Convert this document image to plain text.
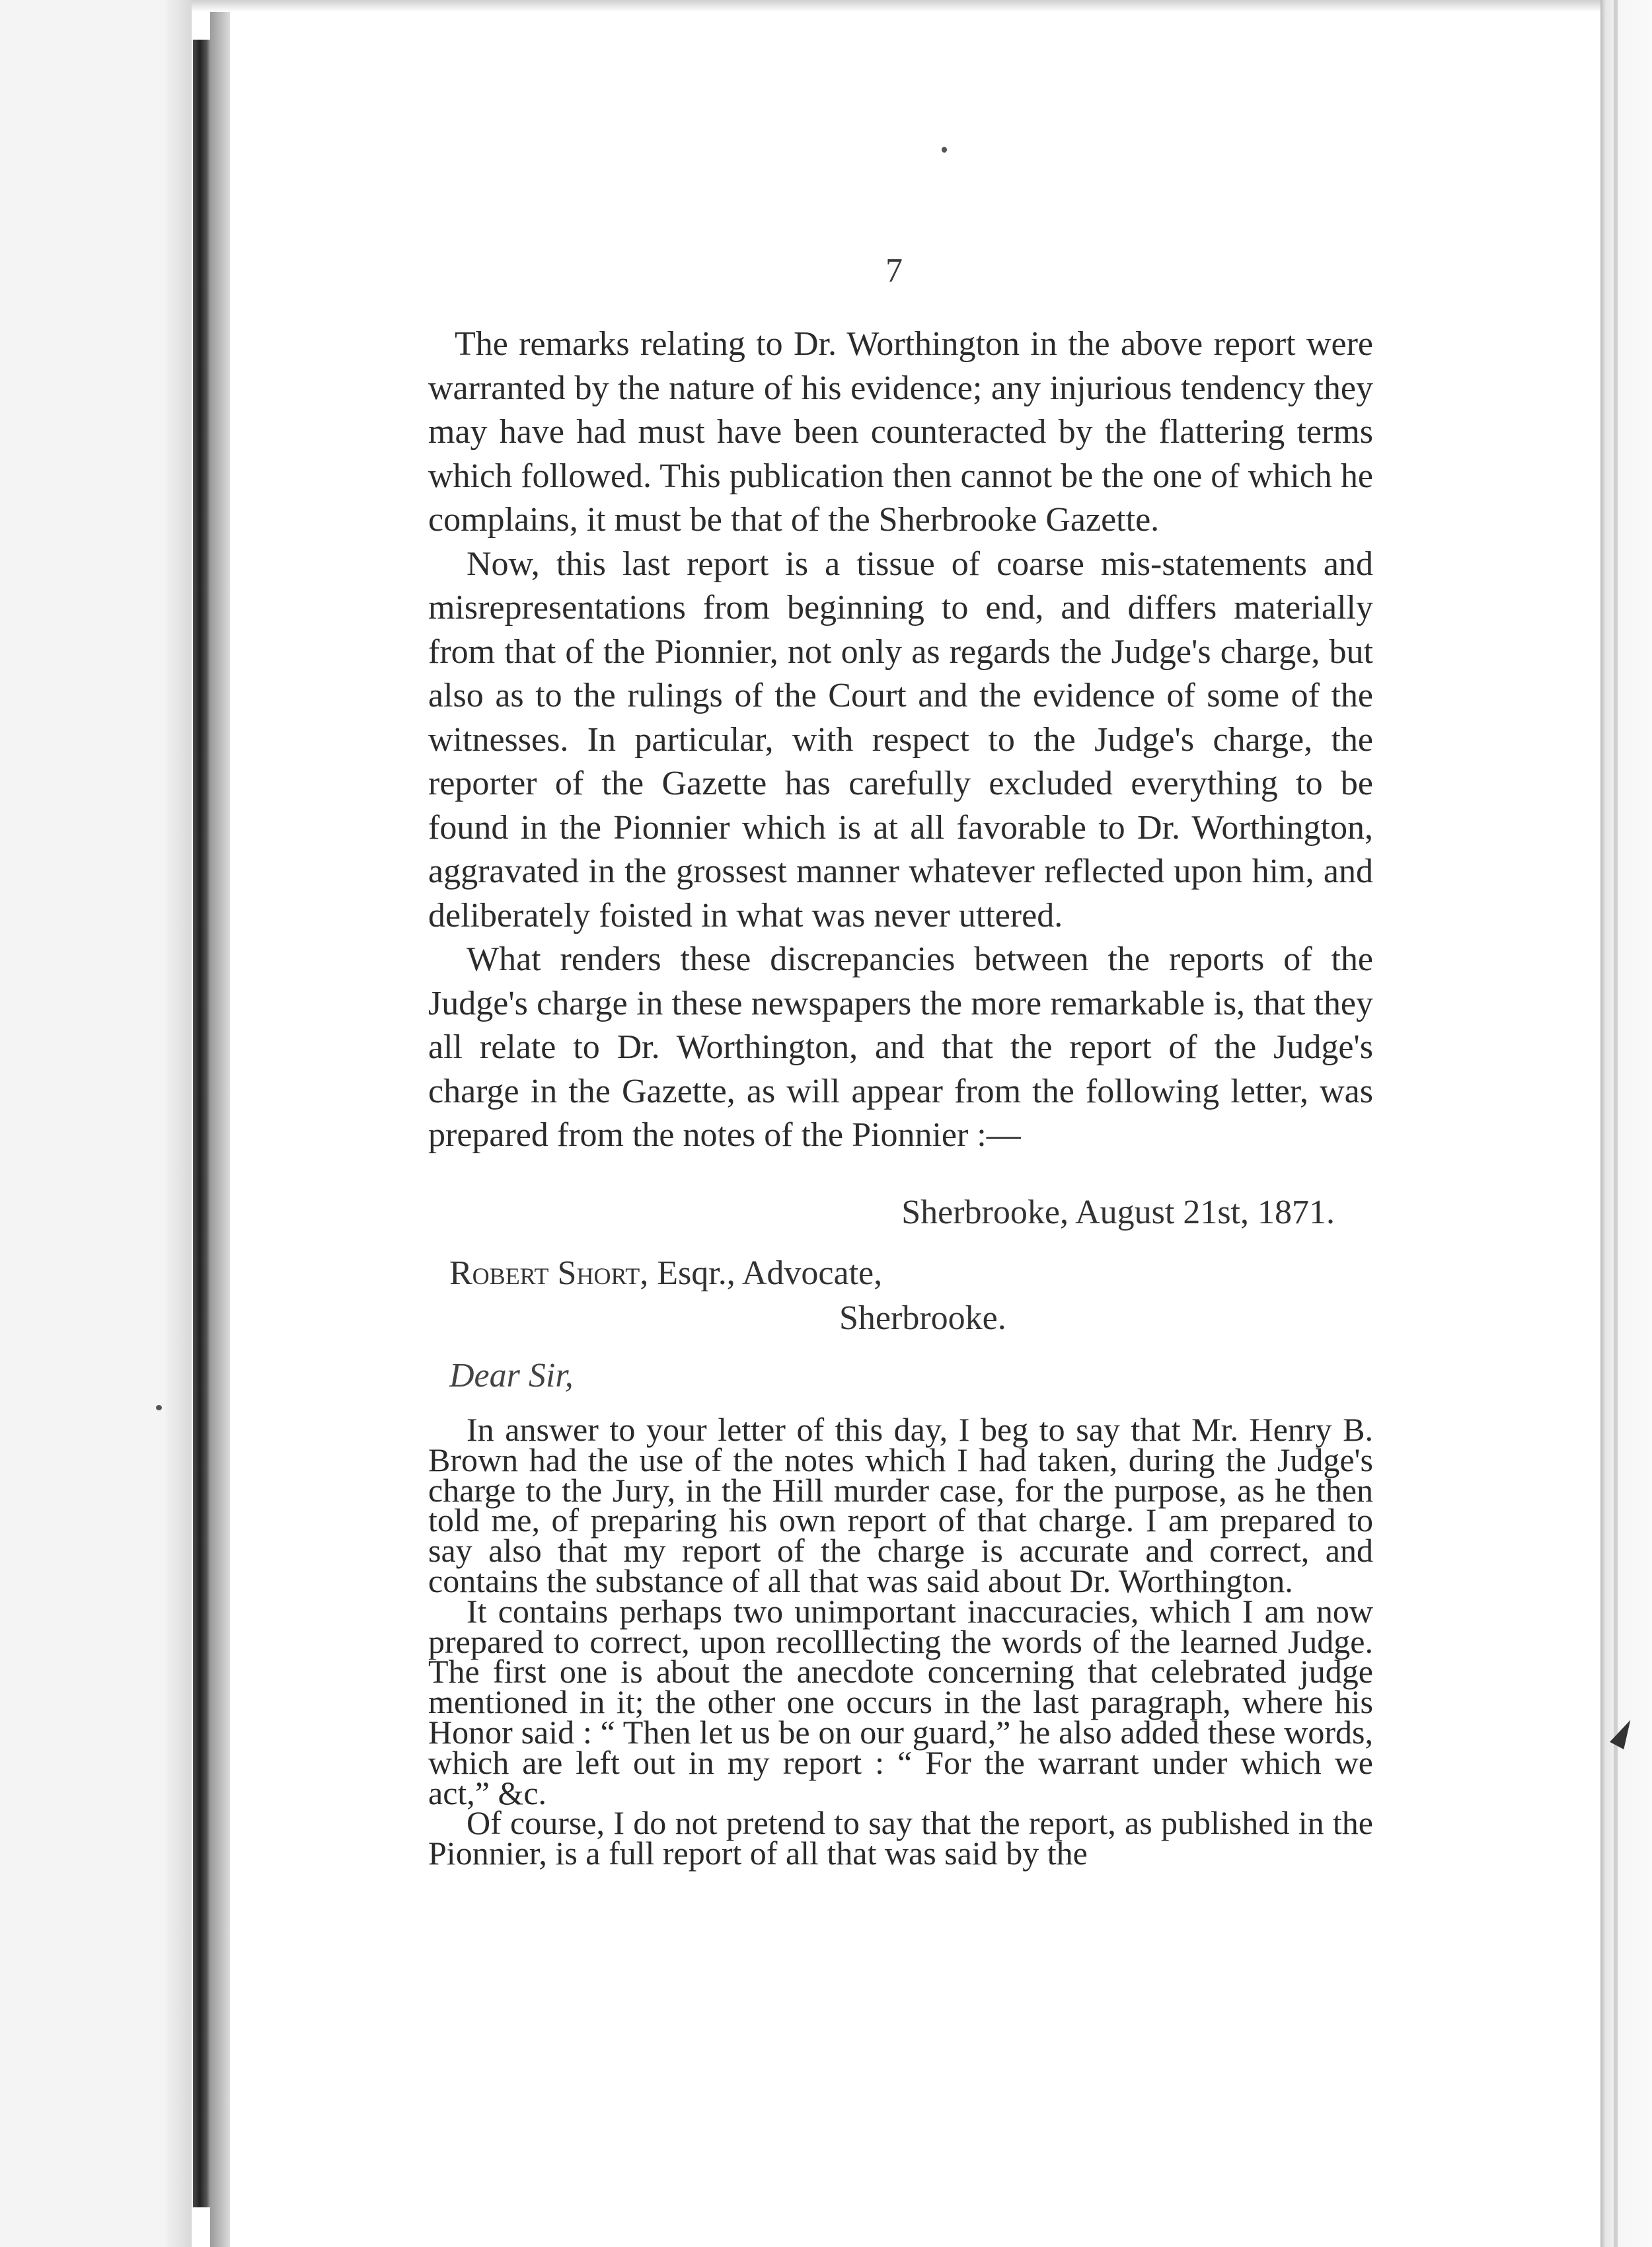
7

The remarks relating to Dr. Worthington in the above report were warranted by the nature of his evidence; any injurious tendency they may have had must have been counteracted by the flattering terms which followed. This publication then cannot be the one of which he complains, it must be that of the Sherbrooke Gazette.

Now, this last report is a tissue of coarse mis-statements and misrepresentations from beginning to end, and differs materially from that of the Pionnier, not only as regards the Judge's charge, but also as to the rulings of the Court and the evidence of some of the witnesses. In particular, with respect to the Judge's charge, the reporter of the Gazette has carefully excluded everything to be found in the Pionnier which is at all favorable to Dr. Worthington, aggravated in the grossest manner whatever reflected upon him, and deliberately foisted in what was never uttered.

What renders these discrepancies between the reports of the Judge's charge in these newspapers the more remarkable is, that they all relate to Dr. Worthington, and that the report of the Judge's charge in the Gazette, as will appear from the following letter, was prepared from the notes of the Pionnier :—

Sherbrooke, August 21st, 1871.
Robert Short, Esqr., Advocate,
Sherbrooke.
Dear Sir,

In answer to your letter of this day, I beg to say that Mr. Henry B. Brown had the use of the notes which I had taken, during the Judge's charge to the Jury, in the Hill murder case, for the purpose, as he then told me, of preparing his own report of that charge. I am prepared to say also that my report of the charge is accurate and correct, and contains the substance of all that was said about Dr. Worthington.

It contains perhaps two unimportant inaccuracies, which I am now prepared to correct, upon recolllecting the words of the learned Judge. The first one is about the anecdote concerning that celebrated judge mentioned in it; the other one occurs in the last paragraph, where his Honor said : “ Then let us be on our guard,” he also added these words, which are left out in my report : “ For the warrant under which we act,” &c.

Of course, I do not pretend to say that the report, as published in the Pionnier, is a full report of all that was said by the
